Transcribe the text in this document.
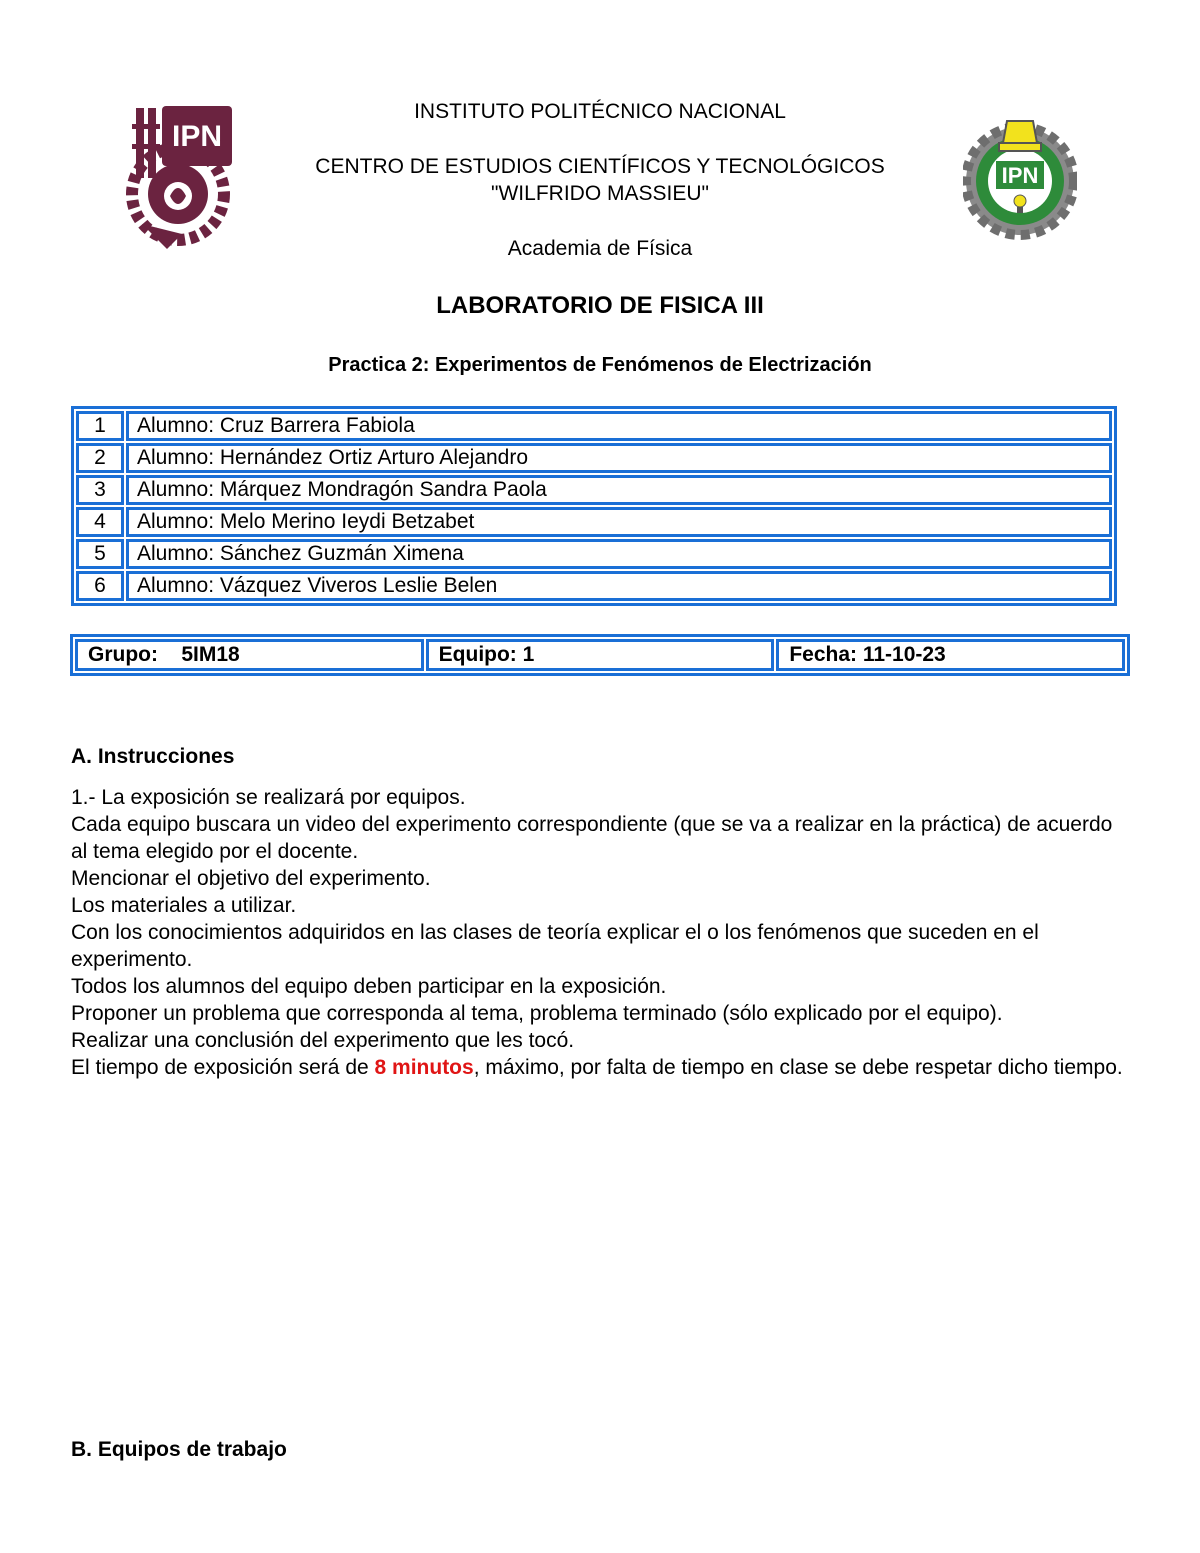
IPN
IPN
INSTITUTO POLITÉCNICO NACIONAL
CENTRO DE ESTUDIOS CIENTÍFICOS Y TECNOLÓGICOS
"WILFRIDO MASSIEU"
Academia de Física
LABORATORIO DE FISICA III
Practica 2: Experimentos de Fenómenos de Electrización
1	Alumno: Cruz Barrera Fabiola
2	Alumno: Hernández Ortiz Arturo Alejandro
3	Alumno: Márquez Mondragón Sandra Paola
4	Alumno: Melo Merino Ieydi Betzabet
5	Alumno: Sánchez Guzmán Ximena
6	Alumno: Vázquez Viveros Leslie Belen
Grupo:    5IM18	Equipo: 1	Fecha: 11-10-23
A. Instrucciones

1.- La exposición se realizará por equipos.

Cada equipo buscara un video del experimento correspondiente (que se va a realizar en la práctica) de acuerdo al tema elegido por el docente.

Mencionar el objetivo del experimento.

Los materiales a utilizar.

Con los conocimientos adquiridos en las clases de teoría explicar el o los fenómenos que suceden en el experimento.

Todos los alumnos del equipo deben participar en la exposición.

Proponer un problema que corresponda al tema, problema terminado (sólo explicado por el equipo).

Realizar una conclusión del experimento que les tocó.

El tiempo de exposición será de 8 minutos, máximo, por falta de tiempo en clase se debe respetar dicho tiempo.

B. Equipos de trabajo
